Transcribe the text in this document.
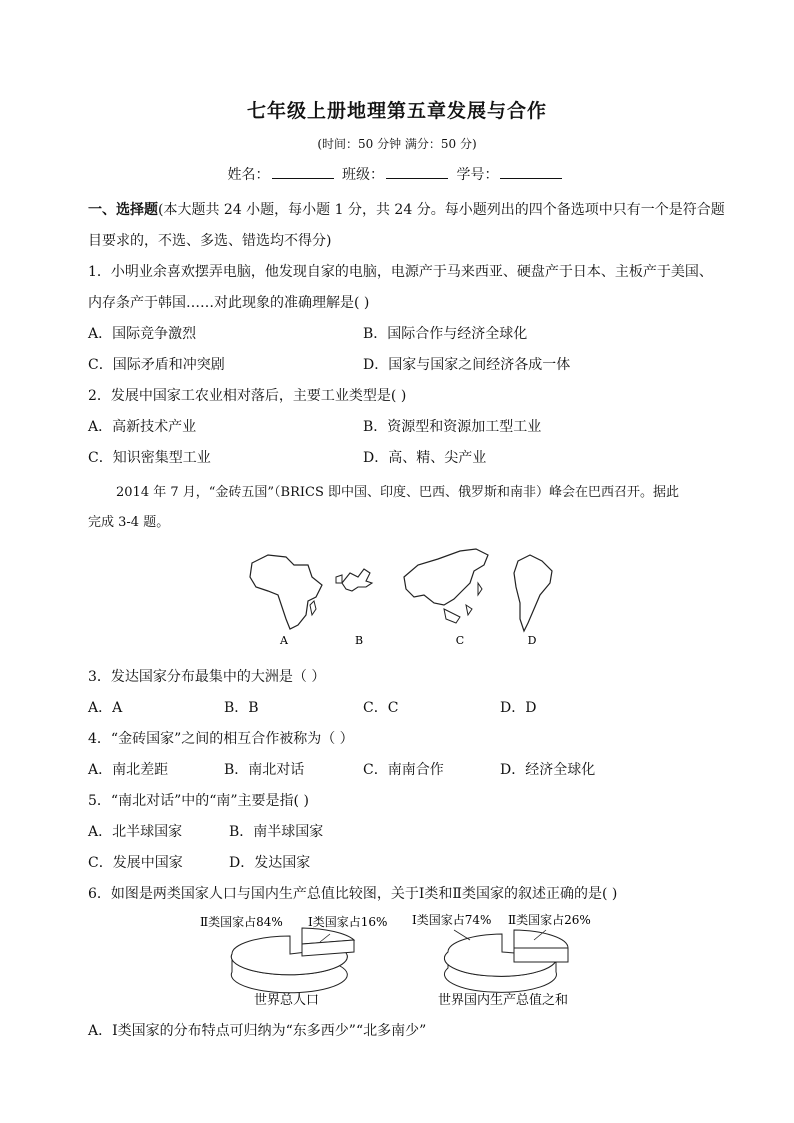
七年级上册地理第五章发展与合作
(时间：50 分钟 满分：50 分)
姓名：	班级：	学号：
一、选择题(本大题共 24 小题，每小题 1 分，共 24 分。每小题列出的四个备选项中只有一个是符合题
目要求的，不选、多选、错选均不得分)
1．小明业余喜欢摆弄电脑，他发现自家的电脑，电源产于马来西亚、硬盘产于日本、主板产于美国、
内存条产于韩国……对此现象的准确理解是( )
A．国际竞争激烈	B．国际合作与经济全球化
C．国际矛盾和冲突剧	D．国家与国家之间经济各成一体
2．发展中国家工农业相对落后，主要工业类型是( )
A．高新技术产业	B．资源型和资源加工型工业
C．知识密集型工业	D．高、精、尖产业
2014 年 7 月，“金砖五国”（BRICS 即中国、印度、巴西、俄罗斯和南非）峰会在巴西召开。据此
完成 3-4 题。
A	B	C	D
3．发达国家分布最集中的大洲是（ ）
A．A	B．B	C．C	D．D
4．“金砖国家”之间的相互合作被称为（ ）
A．南北差距	B．南北对话	C．南南合作	D．经济全球化
5．“南北对话”中的“南”主要是指( )
A．北半球国家	B．南半球国家
C．发展中国家	D．发达国家
6．如图是两类国家人口与国内生产总值比较图，关于Ⅰ类和Ⅱ类国家的叙述正确的是( )
Ⅱ类国家占84% Ⅰ类国家占16%
世界总人口
Ⅰ类国家占74% Ⅱ类国家占26%
世界国内生产总值之和
A．Ⅰ类国家的分布特点可归纳为“东多西少”“北多南少”
